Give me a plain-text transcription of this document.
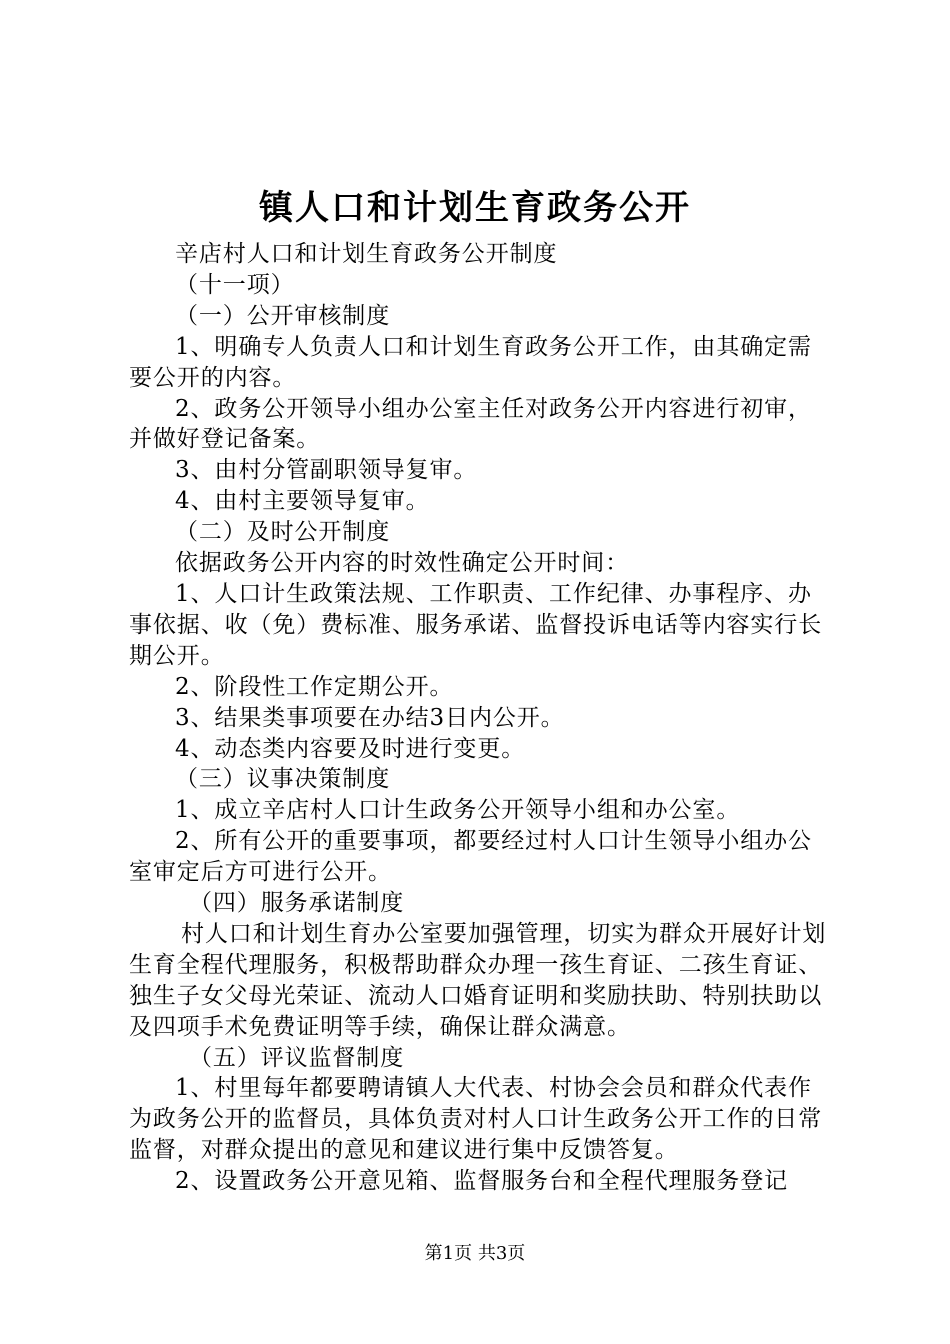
镇人口和计划生育政务公开

辛店村人口和计划生育政务公开制度

（十一项）

（一）公开审核制度

1、明确专人负责人口和计划生育政务公开工作，由其确定需要公开的内容。

2、政务公开领导小组办公室主任对政务公开内容进行初审，并做好登记备案。

3、由村分管副职领导复审。

4、由村主要领导复审。

（二）及时公开制度

依据政务公开内容的时效性确定公开时间：

1、人口计生政策法规、工作职责、工作纪律、办事程序、办事依据、收（免）费标准、服务承诺、监督投诉电话等内容实行长期公开。

2、阶段性工作定期公开。

3、结果类事项要在办结3日内公开。

4、动态类内容要及时进行变更。

（三）议事决策制度

1、成立辛店村人口计生政务公开领导小组和办公室。

2、所有公开的重要事项，都要经过村人口计生领导小组办公室审定后方可进行公开。

（四）服务承诺制度

村人口和计划生育办公室要加强管理，切实为群众开展好计划生育全程代理服务，积极帮助群众办理一孩生育证、二孩生育证、独生子女父母光荣证、流动人口婚育证明和奖励扶助、特别扶助以及四项手术免费证明等手续，确保让群众满意。

（五）评议监督制度

1、村里每年都要聘请镇人大代表、村协会会员和群众代表作为政务公开的监督员，具体负责对村人口计生政务公开工作的日常监督，对群众提出的意见和建议进行集中反馈答复。

2、设置政务公开意见箱、监督服务台和全程代理服务登记

第1页 共3页
